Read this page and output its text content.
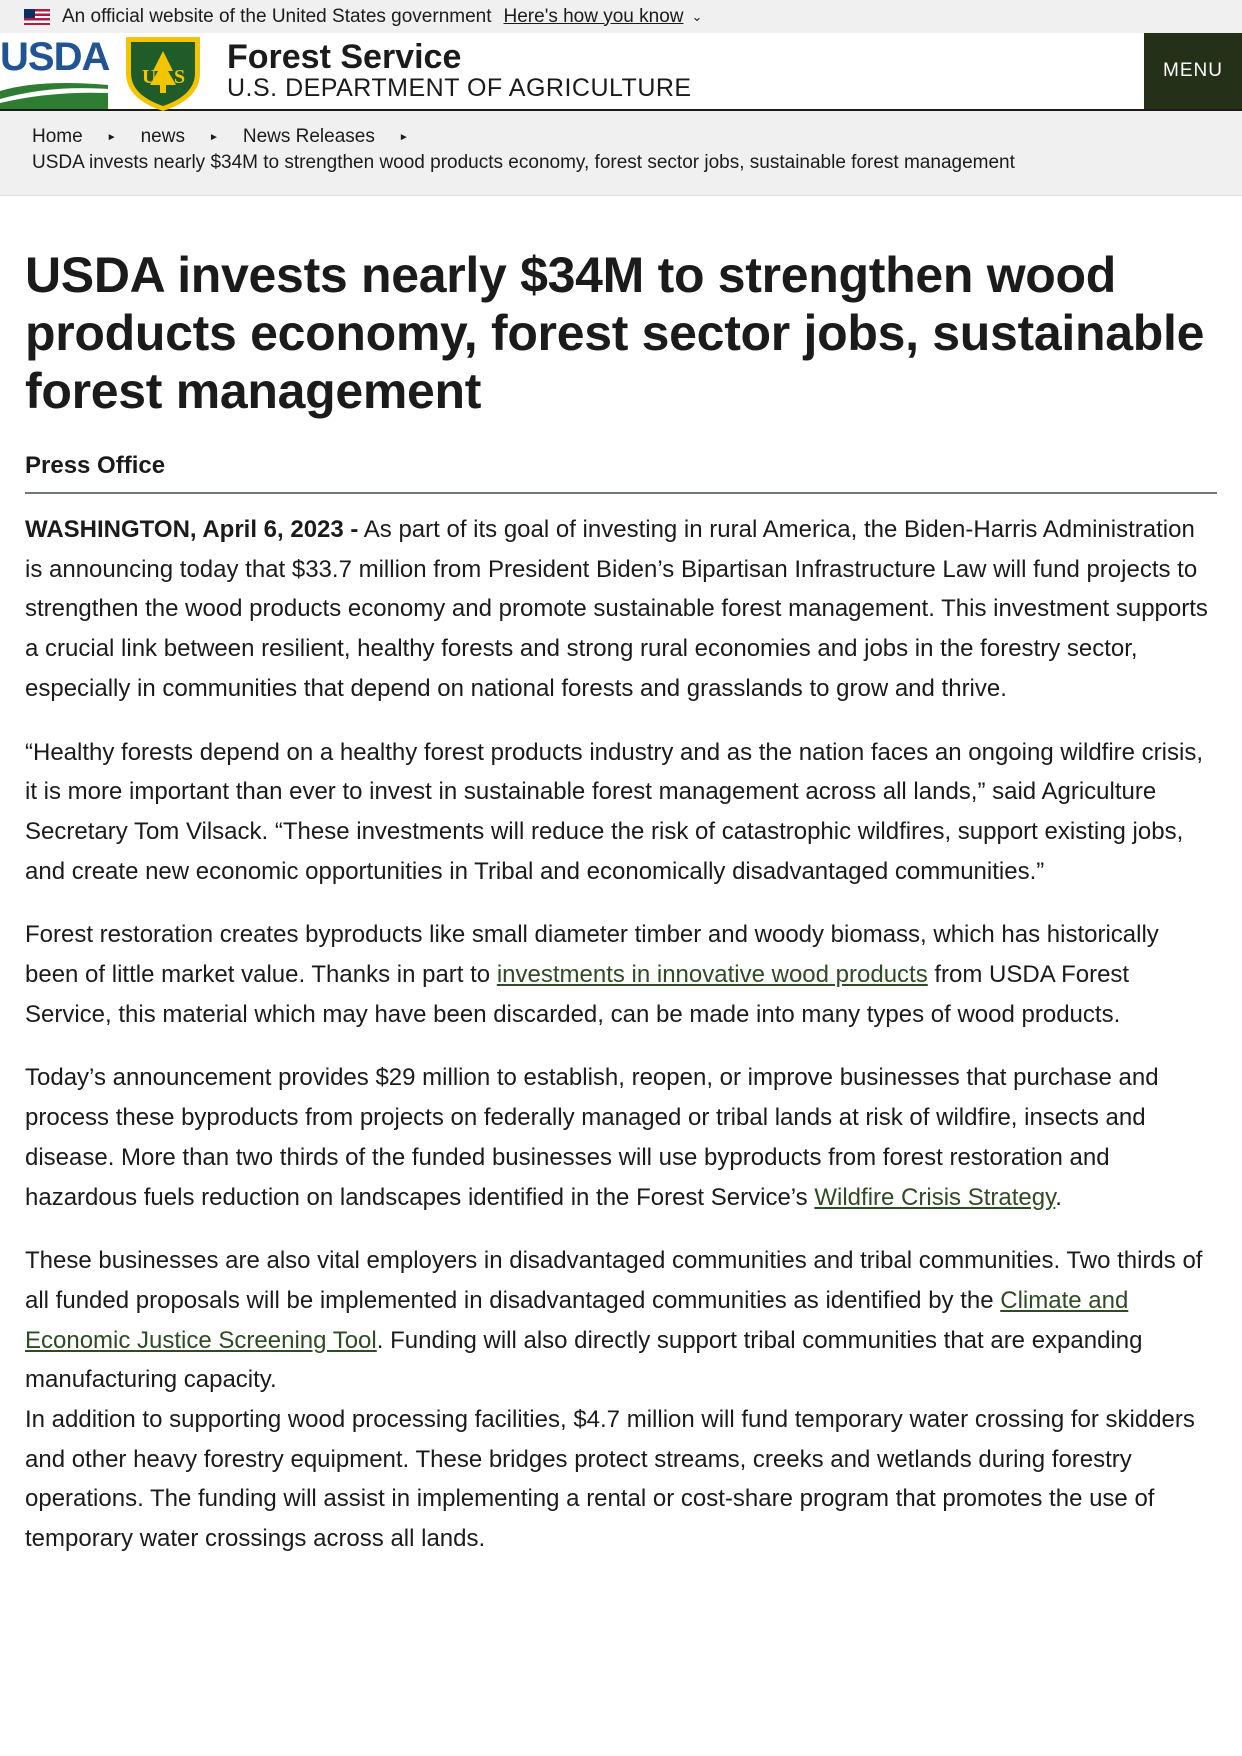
An official website of the United States government Here's how you know ⌄
USDA U S
Forest Service
U.S. DEPARTMENT OF AGRICULTURE
MENU
Home ► news ► News Releases ►
USDA invests nearly $34M to strengthen wood products economy, forest sector jobs, sustainable forest management
USDA invests nearly $34M to strengthen wood products economy, forest sector jobs, sustainable forest management
Press Office

WASHINGTON, April 6, 2023 - As part of its goal of investing in rural America, the Biden-Harris Administration is announcing today that $33.7 million from President Biden’s Bipartisan Infrastructure Law will fund projects to strengthen the wood products economy and promote sustainable forest management. This investment supports a crucial link between resilient, healthy forests and strong rural economies and jobs in the forestry sector, especially in communities that depend on national forests and grasslands to grow and thrive.

“Healthy forests depend on a healthy forest products industry and as the nation faces an ongoing wildfire crisis, it is more important than ever to invest in sustainable forest management across all lands,” said Agriculture Secretary Tom Vilsack. “These investments will reduce the risk of catastrophic wildfires, support existing jobs, and create new economic opportunities in Tribal and economically disadvantaged communities.”

Forest restoration creates byproducts like small diameter timber and woody biomass, which has historically been of little market value. Thanks in part to investments in innovative wood products from USDA Forest Service, this material which may have been discarded, can be made into many types of wood products.

Today’s announcement provides $29 million to establish, reopen, or improve businesses that purchase and process these byproducts from projects on federally managed or tribal lands at risk of wildfire, insects and disease. More than two thirds of the funded businesses will use byproducts from forest restoration and hazardous fuels reduction on landscapes identified in the Forest Service’s Wildfire Crisis Strategy.

These businesses are also vital employers in disadvantaged communities and tribal communities. Two thirds of all funded proposals will be implemented in disadvantaged communities as identified by the Climate and Economic Justice Screening Tool. Funding will also directly support tribal communities that are expanding manufacturing capacity.

In addition to supporting wood processing facilities, $4.7 million will fund temporary water crossing for skidders and other heavy forestry equipment. These bridges protect streams, creeks and wetlands during forestry operations. The funding will assist in implementing a rental or cost-share program that promotes the use of temporary water crossings across all lands.
